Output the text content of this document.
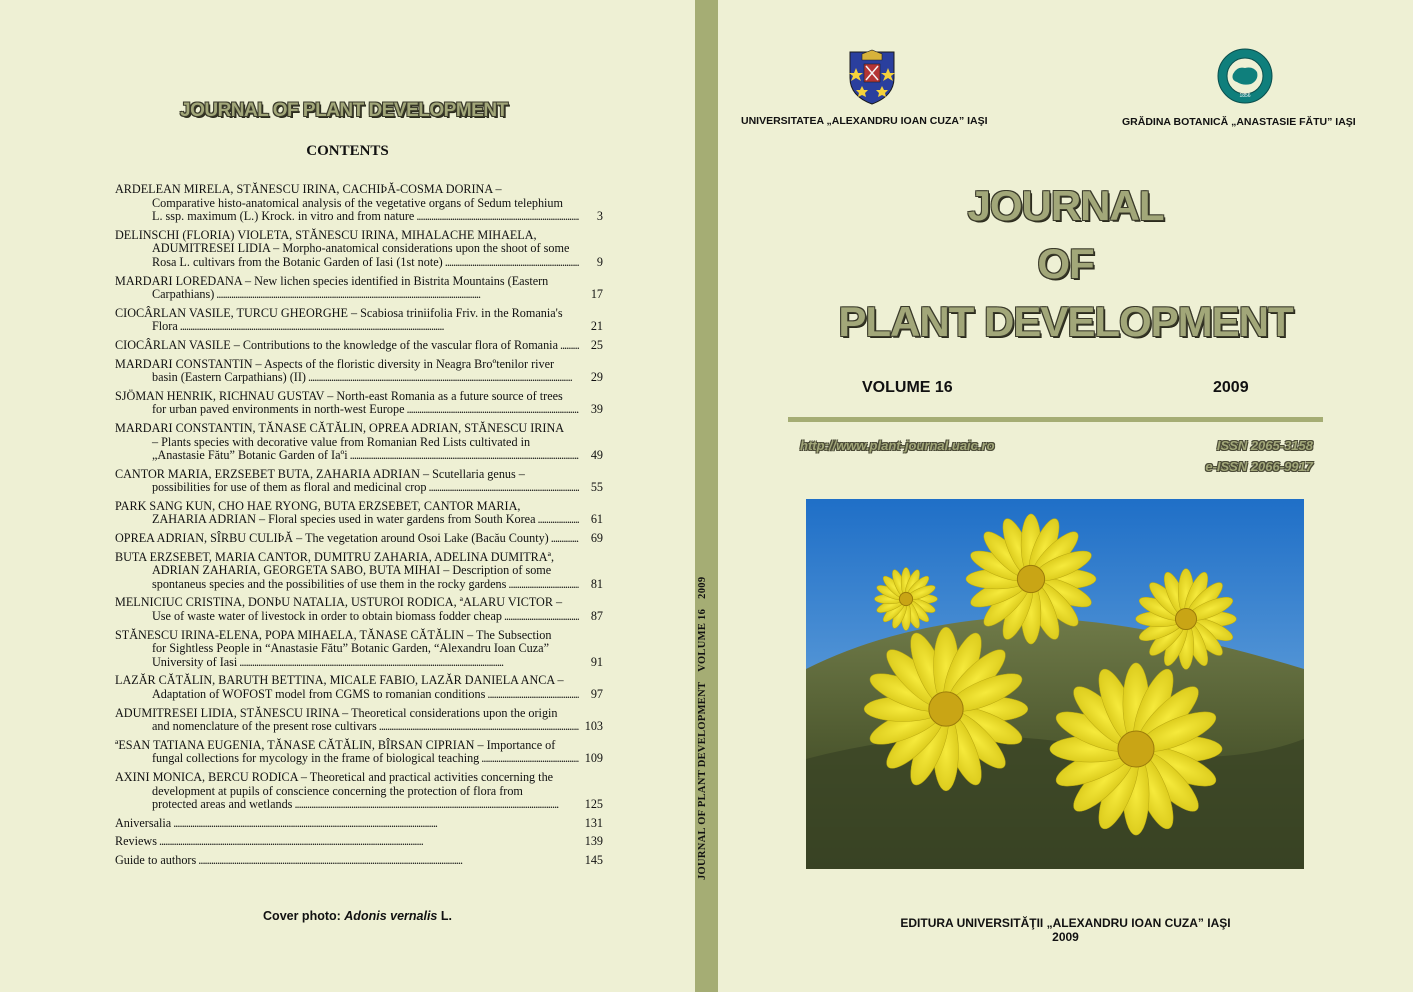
JOURNAL OF PLANT DEVELOPMENT
CONTENTS
ARDELEAN MIRELA, STĂNESCU IRINA, CACHIÞĂ-COSMA DORINA –
Comparative histo-anatomical analysis of the vegetative organs of Sedum telephium
L. ssp. maximum (L.) Krock. in vitro and from nature . . .	3
DELINSCHI (FLORIA) VIOLETA, STĂNESCU IRINA, MIHALACHE MIHAELA,
ADUMITRESEI LIDIA – Morpho-anatomical considerations upon the shoot of some
Rosa L. cultivars from the Botanic Garden of Iasi (1st note) . . .	9
MARDARI LOREDANA – New lichen species identified in Bistrita Mountains (Eastern
Carpathians) . . .	17
CIOCÂRLAN VASILE, TURCU GHEORGHE – Scabiosa triniifolia Friv. in the Romania's
Flora . . .	21
CIOCÂRLAN VASILE – Contributions to the knowledge of the vascular flora of Romania . . .	25
MARDARI CONSTANTIN – Aspects of the floristic diversity in Neagra Broºtenilor river
basin (Eastern Carpathians) (II) . . .	29
SJÖMAN HENRIK, RICHNAU GUSTAV – North-east Romania as a future source of trees
for urban paved environments in north-west Europe . . .	39
MARDARI CONSTANTIN, TĂNASE CĂTĂLIN, OPREA ADRIAN, STĂNESCU IRINA
– Plants species with decorative value from Romanian Red Lists cultivated in
„Anastasie Fătu” Botanic Garden of Iaºi . . .	49
CANTOR MARIA, ERZSEBET BUTA, ZAHARIA ADRIAN – Scutellaria genus –
possibilities for use of them as floral and medicinal crop . . .	55
PARK SANG KUN, CHO HAE RYONG, BUTA ERZSEBET, CANTOR MARIA,
ZAHARIA ADRIAN – Floral species used in water gardens from South Korea . . .	61
OPREA ADRIAN, SÎRBU CULIÞĂ – The vegetation around Osoi Lake (Bacău County) . . .	69
BUTA ERZSEBET, MARIA CANTOR, DUMITRU ZAHARIA, ADELINA DUMITRAª,
ADRIAN ZAHARIA, GEORGETA SABO, BUTA MIHAI – Description of some
spontaneus species and the possibilities of use them in the rocky gardens . . .	81
MELNICIUC CRISTINA, DONÞU NATALIA, USTUROI RODICA, ªALARU VICTOR –
Use of waste water of livestock in order to obtain biomass fodder cheap . . .	87
STĂNESCU IRINA-ELENA, POPA MIHAELA, TĂNASE CĂTĂLIN – The Subsection
for Sightless People in “Anastasie Fătu” Botanic Garden, “Alexandru Ioan Cuza”
University of Iasi . . .	91
LAZĂR CĂTĂLIN, BARUTH BETTINA, MICALE FABIO, LAZĂR DANIELA ANCA –
Adaptation of WOFOST model from CGMS to romanian conditions . . .	97
ADUMITRESEI LIDIA, STĂNESCU IRINA – Theoretical considerations upon the origin
and nomenclature of the present rose cultivars . . .	103
ªESAN TATIANA EUGENIA, TĂNASE CĂTĂLIN, BÎRSAN CIPRIAN – Importance of
fungal collections for mycology in the frame of biological teaching . . .	109
AXINI MONICA, BERCU RODICA – Theoretical and practical activities concerning the
development at pupils of conscience concerning the protection of flora from
protected areas and wetlands . . .	125
Aniversalia . . .	131
Reviews . . .	139
Guide to authors . . .	145
Cover photo: Adonis vernalis L.
JOURNAL OF PLANT DEVELOPMENTVOLUME 162009
1856
UNIVERSITATEA „ALEXANDRU IOAN CUZA” IAŞI	GRĂDINA BOTANICĂ „ANASTASIE FĂTU” IAŞI
JOURNAL
OF
PLANT DEVELOPMENT
VOLUME 16	2009
http://www.plant-journal.uaic.ro	ISSN 2065-3158
e-ISSN 2066-9917
EDITURA UNIVERSITĂŢII „ALEXANDRU IOAN CUZA” IAŞI
2009
